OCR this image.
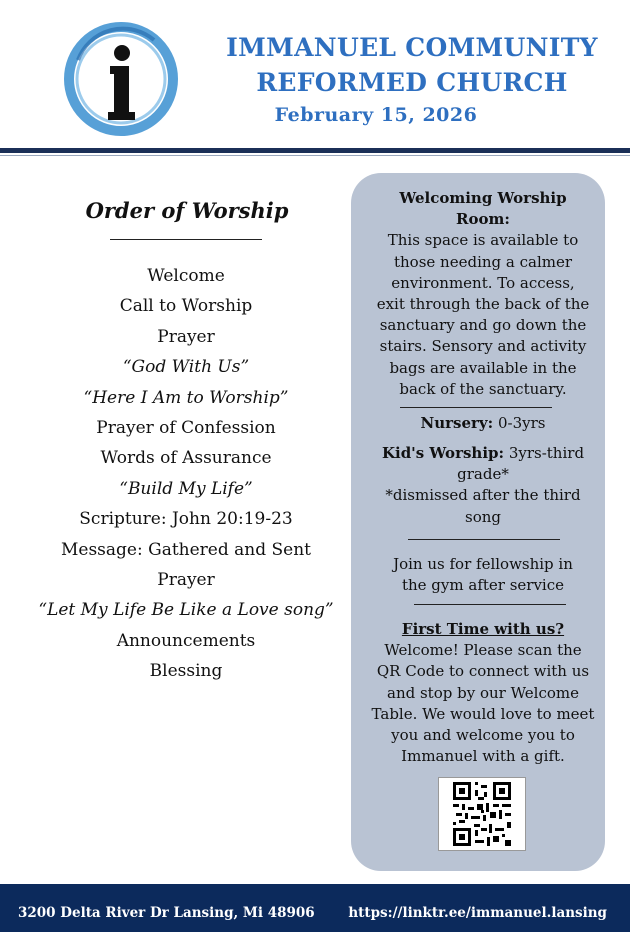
IMMANUEL COMMUNITY
REFORMED CHURCH
February 15, 2026
Order of Worship
Welcome
Call to Worship
Prayer
“God With Us”
“Here I Am to Worship”
Prayer of Confession
Words of Assurance
“Build My Life”
Scripture: John 20:19-23
Message: Gathered and Sent
Prayer
“Let My Life Be Like a Love song”
Announcements
Blessing
Welcoming Worship
Room:
This space is available to
those needing a calmer
environment. To access,
exit through the back of the
sanctuary and go down the
stairs. Sensory and activity
bags are available in the
back of the sanctuary.
Nursery: 0-3yrs
Kid's Worship: 3yrs-third
grade*
*dismissed after the third
song
Join us for fellowship in
the gym after service
First Time with us?
Welcome! Please scan the
QR Code to connect with us
and stop by our Welcome
Table. We would love to meet
you and welcome you to
Immanuel with a gift.
3200 Delta River Dr Lansing, Mi 48906 https://linktr.ee/immanuel.lansing
